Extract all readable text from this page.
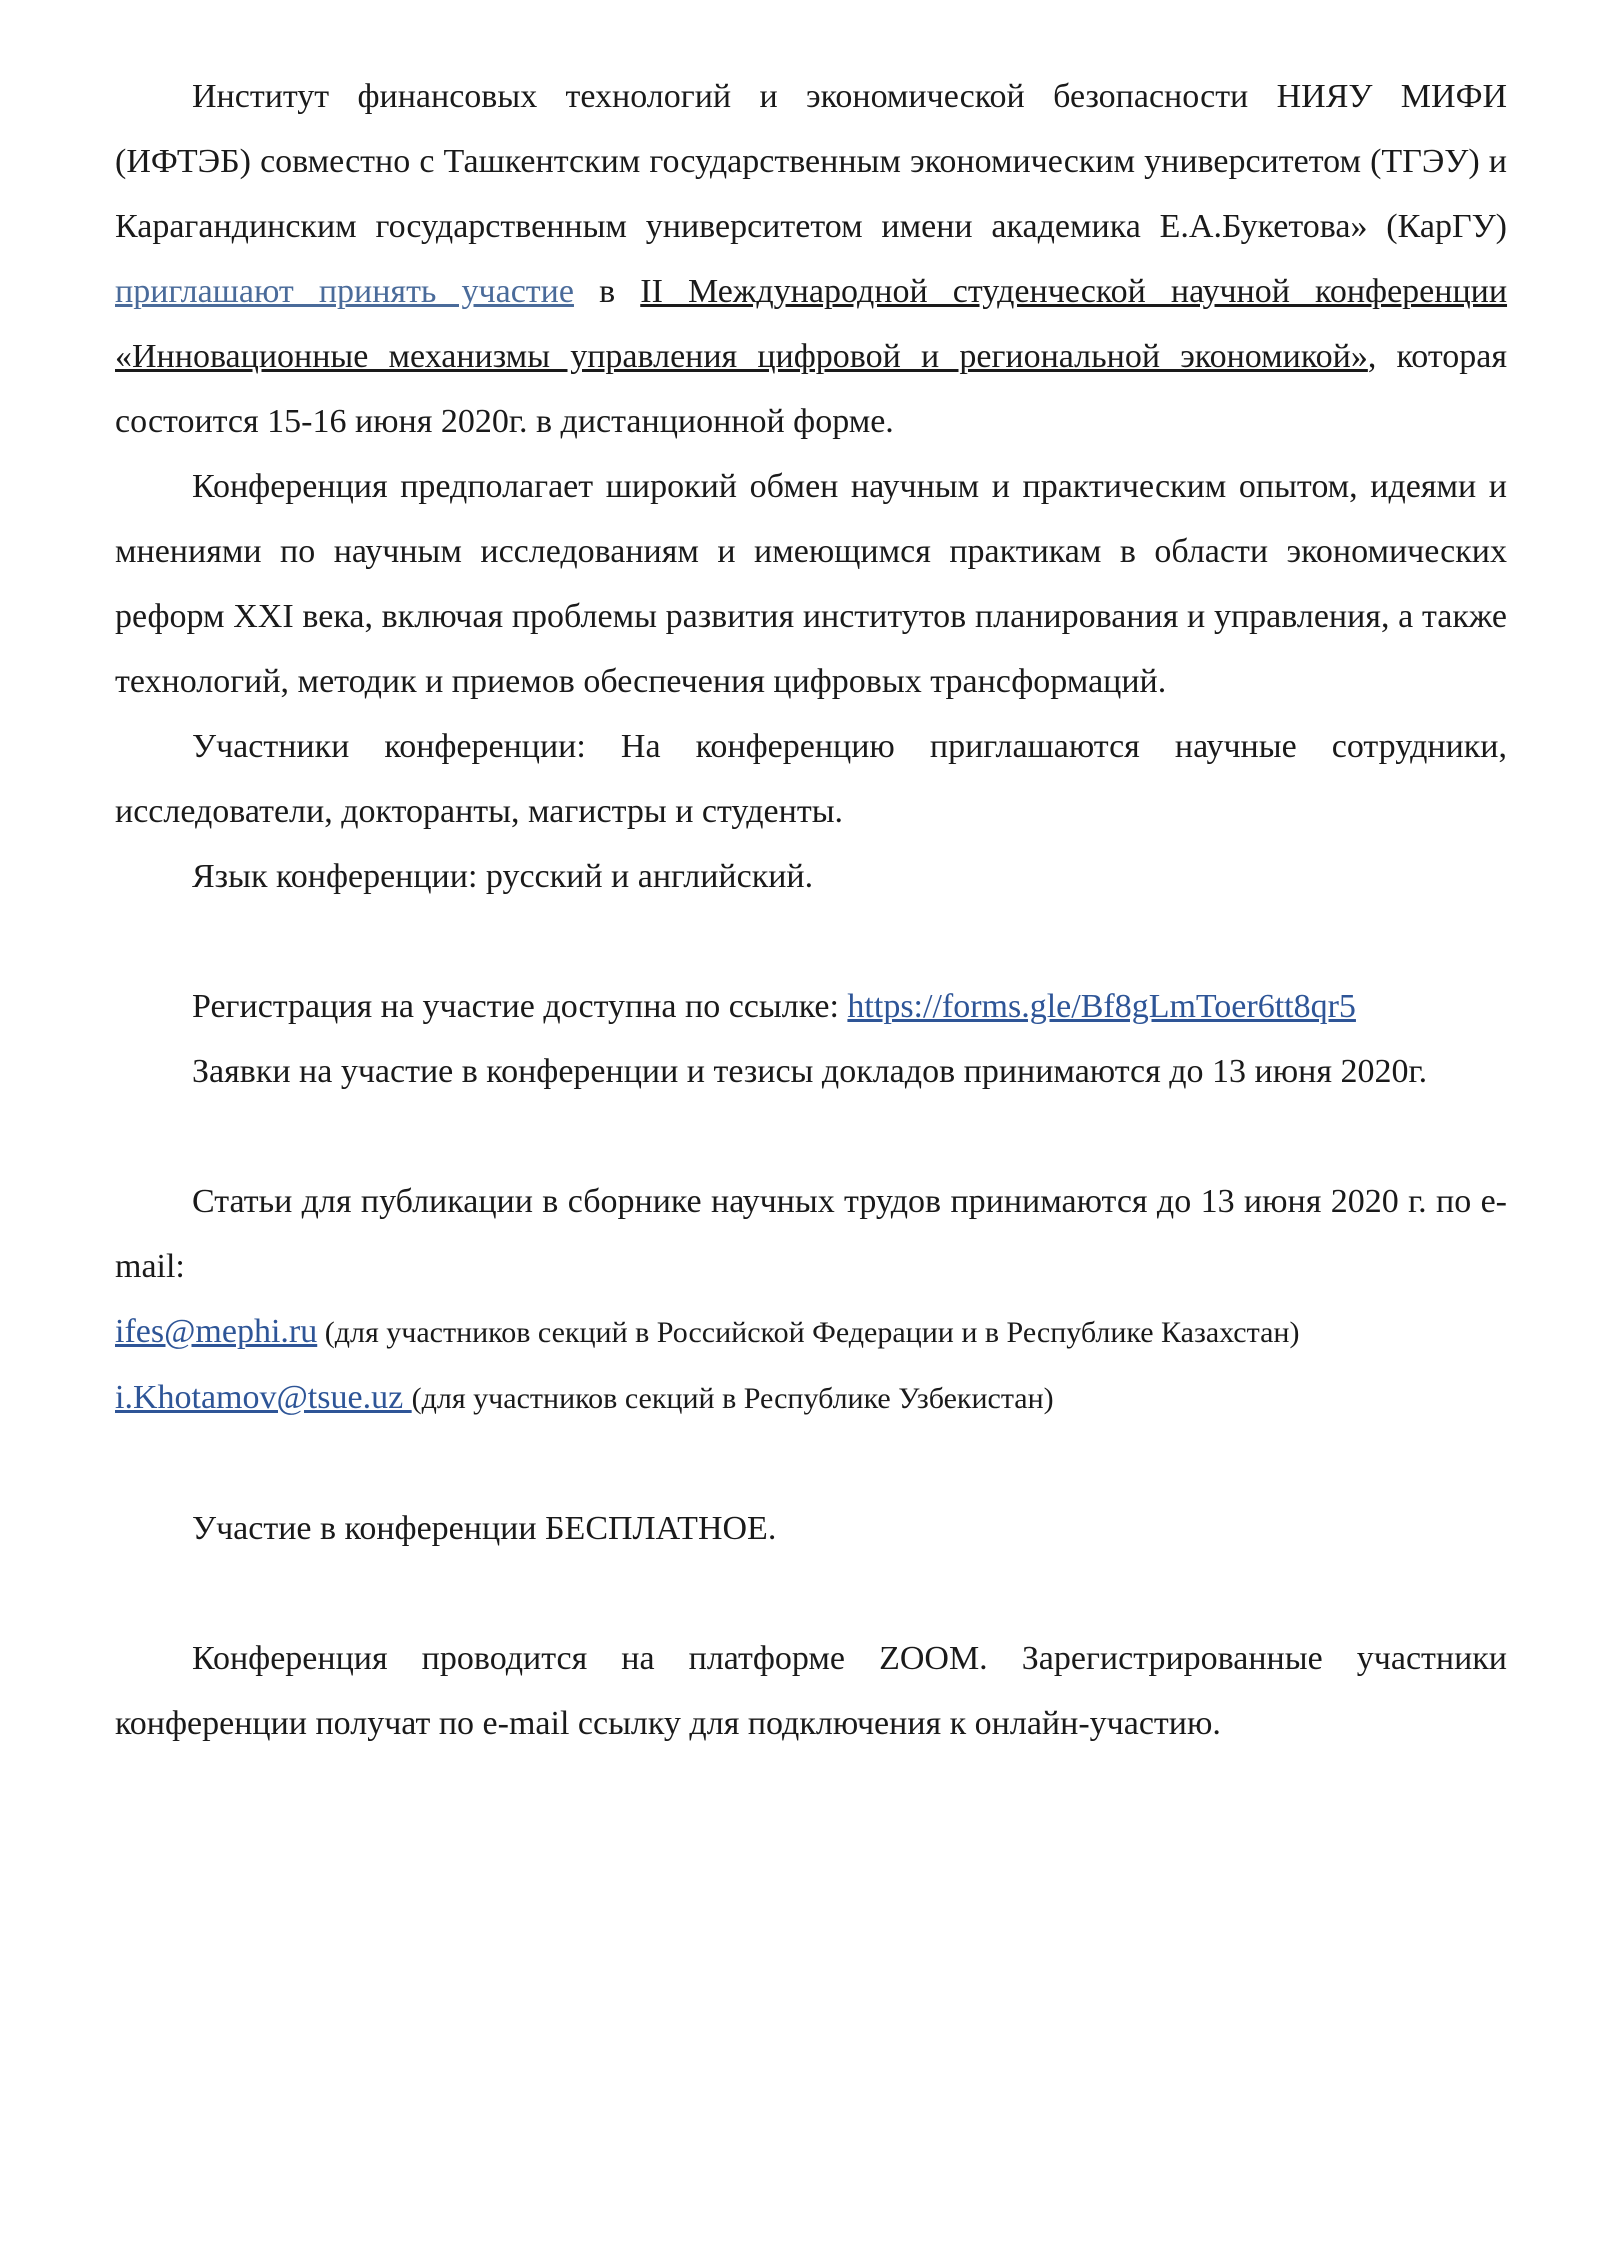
Институт финансовых технологий и экономической безопасности НИЯУ МИФИ (ИФТЭБ) совместно с Ташкентским государственным экономическим университетом (ТГЭУ) и Карагандинским государственным университетом имени академика Е.А.Букетова» (КарГУ) приглашают принять участие в II Международной студенческой научной конференции «Инновационные механизмы управления цифровой и региональной экономикой», которая состоится 15-16 июня 2020г. в дистанционной форме.

Конференция предполагает широкий обмен научным и практическим опытом, идеями и мнениями по научным исследованиям и имеющимся практикам в области экономических реформ XXI века, включая проблемы развития институтов планирования и управления, а также технологий, методик и приемов обеспечения цифровых трансформаций.

Участники конференции: На конференцию приглашаются научные сотрудники, исследователи, докторанты, магистры и студенты.

Язык конференции: русский и английский.

Регистрация на участие доступна по ссылке: https://forms.gle/Bf8gLmToer6tt8qr5

Заявки на участие в конференции и тезисы докладов принимаются до 13 июня 2020г.

Статьи для публикации в сборнике научных трудов принимаются до 13 июня 2020 г. по e-mail:

ifes@mephi.ru (для участников секций в Российской Федерации и в Республике Казахстан)

i.Khotamov@tsue.uz (для участников секций в Республике Узбекистан)

Участие в конференции БЕСПЛАТНОЕ.

Конференция проводится на платформе ZOOM. Зарегистрированные участники конференции получат по e-mail ссылку для подключения к онлайн-участию.
